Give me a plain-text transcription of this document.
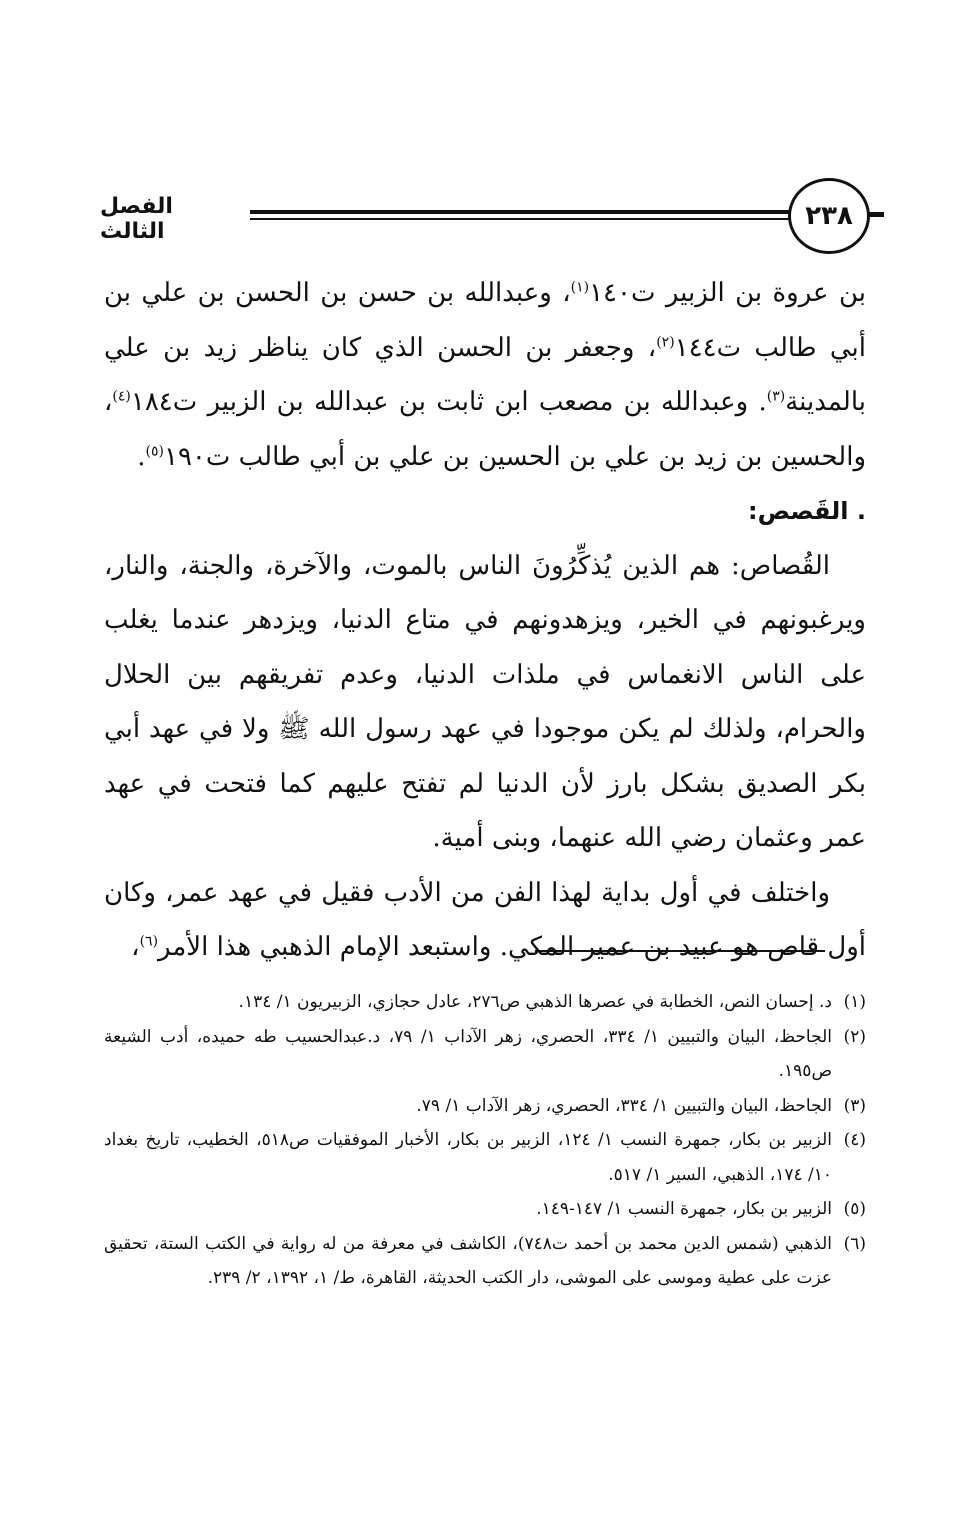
٢٣٨
الفصل الثالث

بن عروة بن الزبير ت١٤٠$^{(١)}$، وعبدالله بن حسن بن الحسن بن علي بن أبي طالب ت١٤٤$^{(٢)}$، وجعفر بن الحسن الذي كان يناظر زيد بن علي بالمدينة$^{(٣)}$. وعبدالله بن مصعب ابن ثابت بن عبدالله بن الزبير ت١٨٤$^{(٤)}$، والحسين بن زيد بن علي بن الحسين بن علي بن أبي طالب ت١٩٠$^{(٥)}$.

. القَصص:

القُصاص: هم الذين يُذكِّرُونَ الناس بالموت، والآخرة، والجنة، والنار، ويرغبونهم في الخير، ويزهدونهم في متاع الدنيا، ويزدهر عندما يغلب على الناس الانغماس في ملذات الدنيا، وعدم تفريقهم بين الحلال والحرام، ولذلك لم يكن موجودا في عهد رسول الله ﷺ ولا في عهد أبي بكر الصديق بشكل بارز لأن الدنيا لم تفتح عليهم كما فتحت في عهد عمر وعثمان رضي الله عنهما، وبنى أمية.

واختلف في أول بداية لهذا الفن من الأدب فقيل في عهد عمر، وكان أول قاص هو عبيد بن عمير المكي. واستبعد الإمام الذهبي هذا الأمر$^{(٦)}$،

(١)د. إحسان النص، الخطابة في عصرها الذهبي ص٢٧٦، عادل حجازي، الزبيريون ١/ ١٣٤.

(٢)الجاحظ، البيان والتبيين ١/ ٣٣٤، الحصري، زهر الآداب ١/ ٧٩، د.عبدالحسيب طه حميده، أدب الشيعة ص١٩٥.

(٣)الجاحظ، البيان والتبيين ١/ ٣٣٤، الحصري، زهر الآداب ١/ ٧٩.

(٤)الزبير بن بكار، جمهرة النسب ١/ ١٢٤، الزبير بن بكار، الأخبار الموفقيات ص٥١٨، الخطيب، تاريخ بغداد ١٠/ ١٧٤، الذهبي، السير ١/ ٥١٧.

(٥)الزبير بن بكار، جمهرة النسب ١/ ١٤٧-١٤٩.

(٦)الذهبي (شمس الدين محمد بن أحمد ت٧٤٨)، الكاشف في معرفة من له رواية في الكتب الستة، تحقيق عزت على عطية وموسى على الموشى، دار الكتب الحديثة، القاهرة، ط/ ١، ١٣٩٢، ٢/ ٢٣٩.
